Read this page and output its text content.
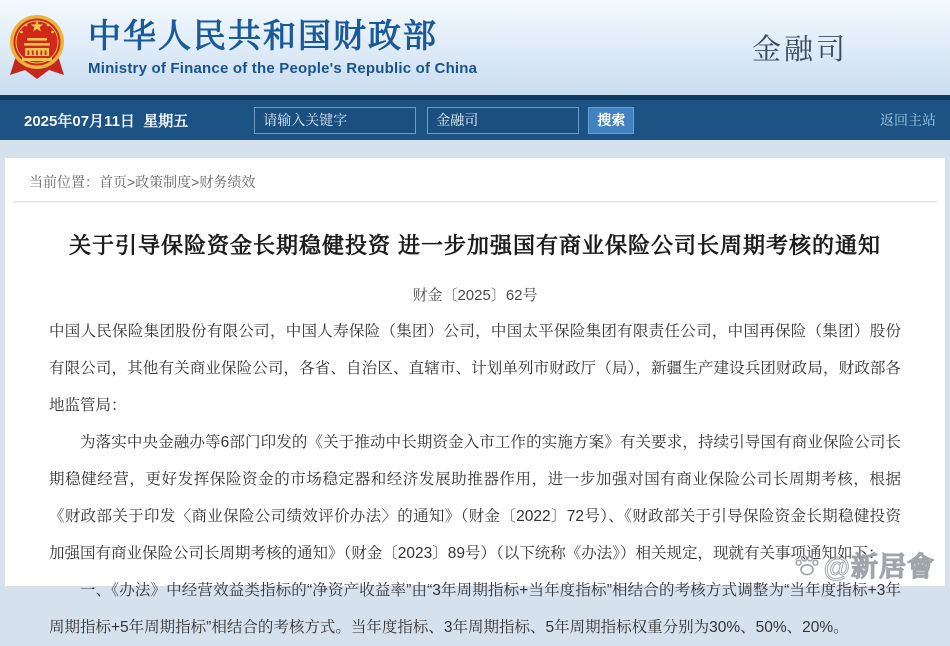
中华人民共和国财政部
Ministry of Finance of the People's Republic of China
金融司
2025年07月11日  星期五
请输入关键字	金融司	搜索	返回主站
当前位置：首页>政策制度>财务绩效
关于引导保险资金长期稳健投资 进一步加强国有商业保险公司长周期考核的通知
财金〔2025〕62号

中国人民保险集团股份有限公司，中国人寿保险（集团）公司，中国太平保险集团有限责任公司，中国再保险（集团）股份有限公司，其他有关商业保险公司，各省、自治区、直辖市、计划单列市财政厅（局），新疆生产建设兵团财政局，财政部各地监管局：

为落实中央金融办等6部门印发的《关于推动中长期资金入市工作的实施方案》有关要求，持续引导国有商业保险公司长期稳健经营，更好发挥保险资金的市场稳定器和经济发展助推器作用，进一步加强对国有商业保险公司长周期考核，根据《财政部关于印发〈商业保险公司绩效评价办法〉的通知》（财金〔2022〕72号）、《财政部关于引导保险资金长期稳健投资 加强国有商业保险公司长周期考核的通知》（财金〔2023〕89号）（以下统称《办法》）相关规定，现就有关事项通知如下：

一、《办法》中经营效益类指标的“净资产收益率”由“3年周期指标+当年度指标”相结合的考核方式调整为“当年度指标+3年周期指标+5年周期指标”相结合的考核方式。当年度指标、3年周期指标、5年周期指标权重分别为30%、50%、20%。

@新居會
